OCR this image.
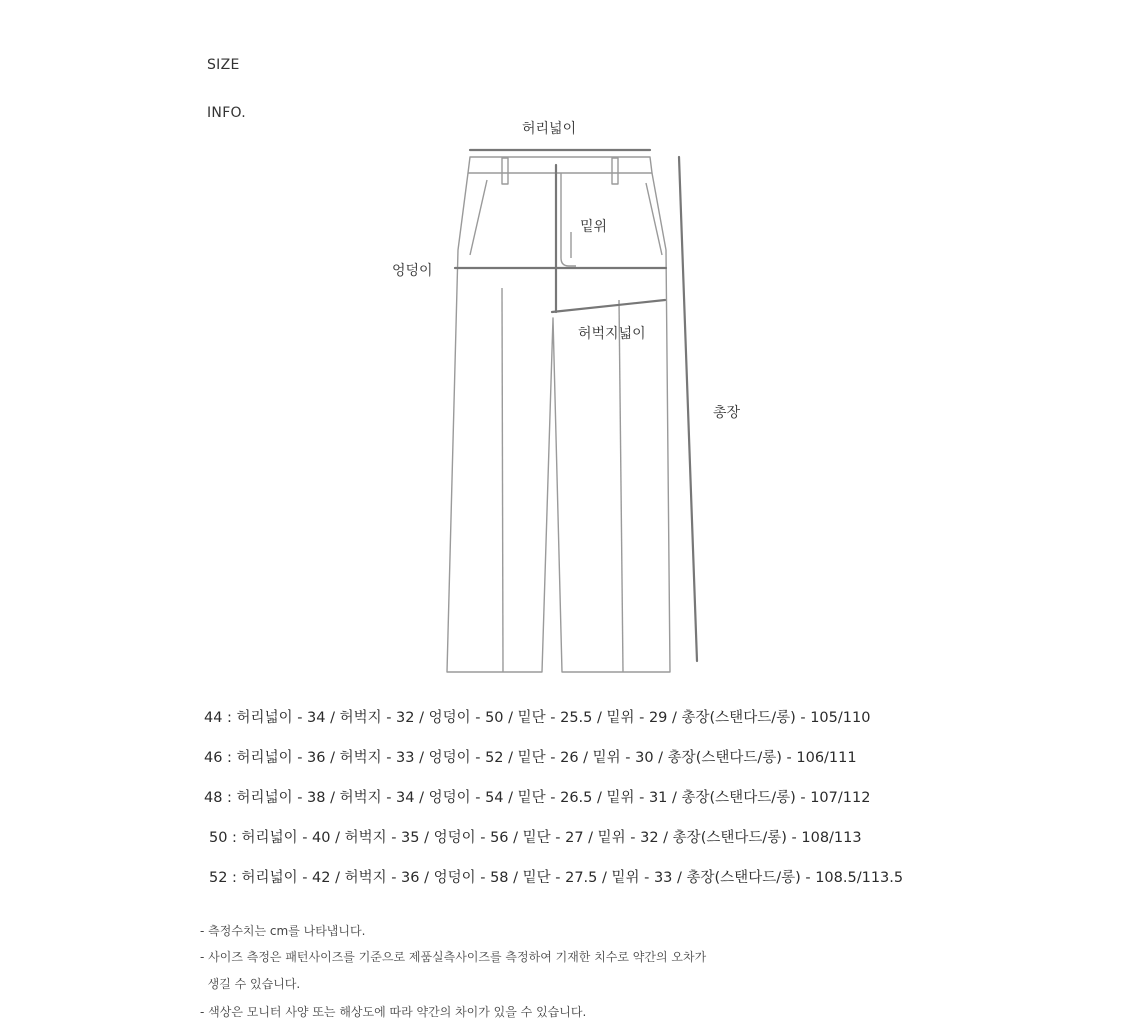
SIZE
INFO.
허리넓이
밑위
엉덩이
허벅지넓이
총장
44 : 허리넓이 - 34 / 허벅지 - 32 / 엉덩이 - 50 / 밑단 - 25.5 / 밑위 - 29 / 총장(스탠다드/롱) - 105/110
46 : 허리넓이 - 36 / 허벅지 - 33 / 엉덩이 - 52 / 밑단 - 26 / 밑위 - 30 / 총장(스탠다드/롱) - 106/111
48 : 허리넓이 - 38 / 허벅지 - 34 / 엉덩이 - 54 / 밑단 - 26.5 / 밑위 - 31 / 총장(스탠다드/롱) - 107/112
50 : 허리넓이 - 40 / 허벅지 - 35 / 엉덩이 - 56 / 밑단 - 27 / 밑위 - 32 / 총장(스탠다드/롱) - 108/113
52 : 허리넓이 - 42 / 허벅지 - 36 / 엉덩이 - 58 / 밑단 - 27.5 / 밑위 - 33 / 총장(스탠다드/롱) - 108.5/113.5
- 측정수치는 cm를 나타냅니다.
- 사이즈 측정은 패턴사이즈를 기준으로 제품실측사이즈를 측정하여 기재한 치수로 약간의 오차가
생길 수 있습니다.
- 색상은 모니터 사양 또는 해상도에 따라 약간의 차이가 있을 수 있습니다.
